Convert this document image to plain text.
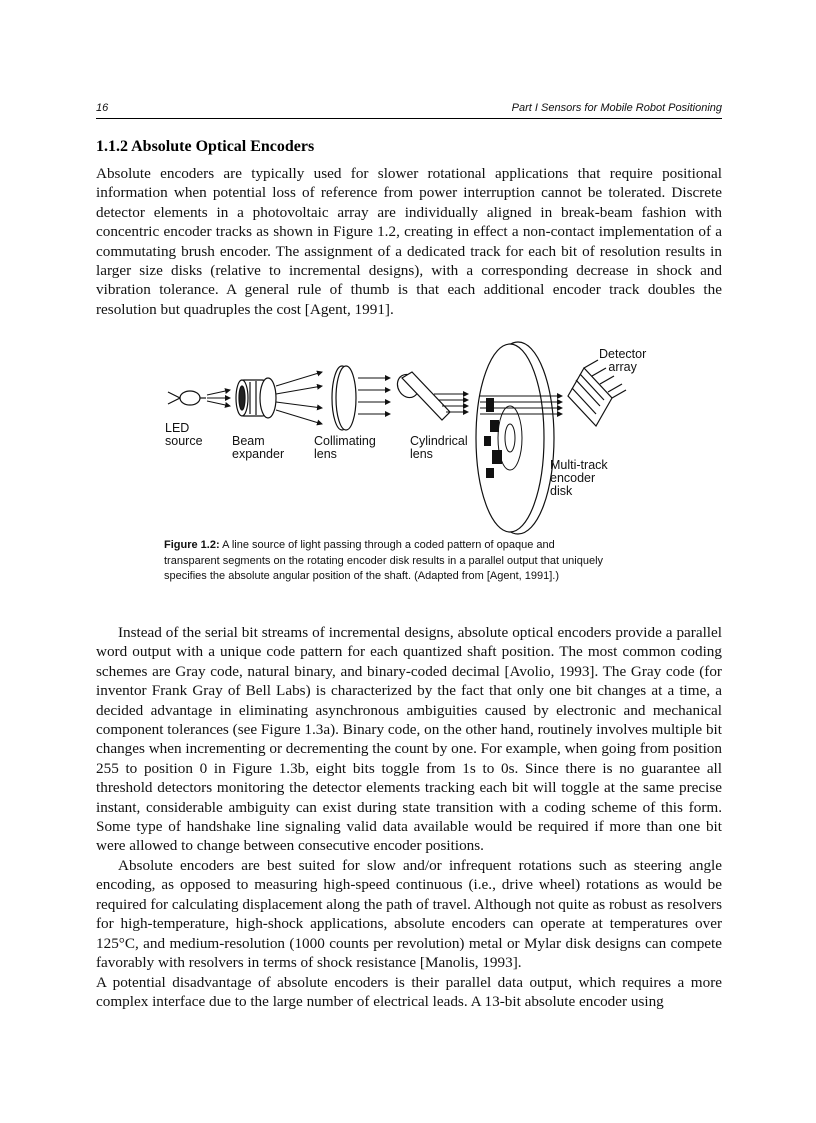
16	Part I Sensors for Mobile Robot Positioning
1.1.2 Absolute Optical Encoders

Absolute encoders are typically used for slower rotational applications that require positional information when potential loss of reference from power interruption cannot be tolerated. Discrete detector elements in a photovoltaic array are individually aligned in break-beam fashion with concentric encoder tracks as shown in Figure 1.2, creating in effect a non-contact implementation of a commutating brush encoder. The assignment of a dedicated track for each bit of resolution results in larger size disks (relative to incremental designs), with a corresponding decrease in shock and vibration tolerance. A general rule of thumb is that each additional encoder track doubles the resolution but quadruples the cost [Agent, 1991].

LED
source Beam
expander
Collimating
lens
Cylindrical
lens
Detector
array
Multi-track
encoder
disk
Figure 1.2: A line source of light passing through a coded pattern of opaque and transparent segments on the rotating encoder disk results in a parallel output that uniquely specifies the absolute angular position of the shaft. (Adapted from [Agent, 1991].)

Instead of the serial bit streams of incremental designs, absolute optical encoders provide a parallel word output with a unique code pattern for each quantized shaft position. The most common coding schemes are Gray code, natural binary, and binary-coded decimal [Avolio, 1993]. The Gray code (for inventor Frank Gray of Bell Labs) is characterized by the fact that only one bit changes at a time, a decided advantage in eliminating asynchronous ambiguities caused by electronic and mechanical component tolerances (see Figure 1.3a). Binary code, on the other hand, routinely involves multiple bit changes when incrementing or decrementing the count by one. For example, when going from position 255 to position 0 in Figure 1.3b, eight bits toggle from 1s to 0s. Since there is no guarantee all threshold detectors monitoring the detector elements tracking each bit will toggle at the same precise instant, considerable ambiguity can exist during state transition with a coding scheme of this form. Some type of handshake line signaling valid data available would be required if more than one bit were allowed to change between consecutive encoder positions.

Absolute encoders are best suited for slow and/or infrequent rotations such as steering angle encoding, as opposed to measuring high-speed continuous (i.e., drive wheel) rotations as would be required for calculating displacement along the path of travel. Although not quite as robust as resolvers for high-temperature, high-shock applications, absolute encoders can operate at temperatures over 125°C, and medium-resolution (1000 counts per revolution) metal or Mylar disk designs can compete favorably with resolvers in terms of shock resistance [Manolis, 1993].

A potential disadvantage of absolute encoders is their parallel data output, which requires a more complex interface due to the large number of electrical leads. A 13-bit absolute encoder using
